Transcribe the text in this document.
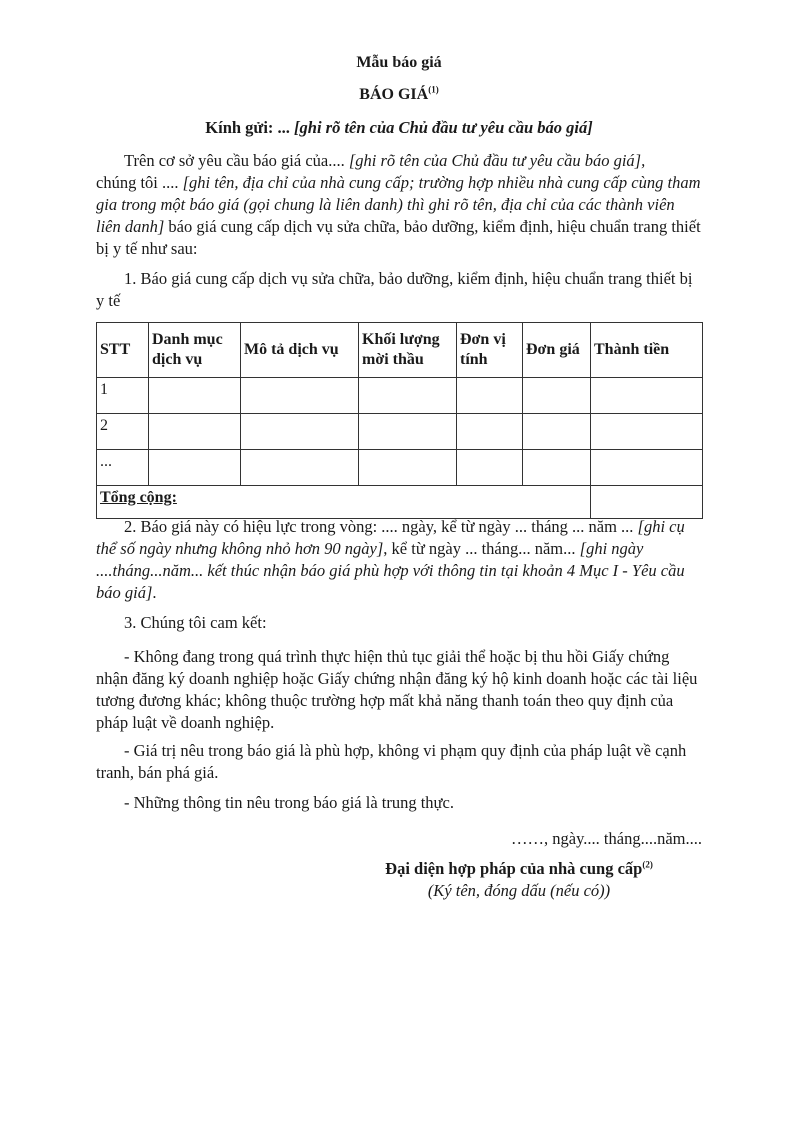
Mẫu báo giá
BÁO GIÁ$^{(1)}$
Kính gửi: ... [ghi rõ tên của Chủ đầu tư yêu cầu báo giá]
Trên cơ sở yêu cầu báo giá của.... [ghi rõ tên của Chủ đầu tư yêu cầu báo giá],
chúng tôi .... [ghi tên, địa chỉ của nhà cung cấp; trường hợp nhiều nhà cung cấp cùng tham gia trong một báo giá (gọi chung là liên danh) thì ghi rõ tên, địa chỉ của các thành viên liên danh] báo giá cung cấp dịch vụ sửa chữa, bảo dưỡng, kiểm định, hiệu chuẩn trang thiết bị y tế như sau:
1. Báo giá cung cấp dịch vụ sửa chữa, bảo dưỡng, kiểm định, hiệu chuẩn trang thiết bị y tế
STT	Danh mục dịch vụ	Mô tả dịch vụ	Khối lượng mời thầu	Đơn vị tính	Đơn giá	Thành tiền
1						
2						
...						
Tổng cộng:						
2. Báo giá này có hiệu lực trong vòng: .... ngày, kể từ ngày ... tháng ... năm ... [ghi cụ thể số ngày nhưng không nhỏ hơn 90 ngày], kể từ ngày ... tháng... năm... [ghi ngày ....tháng...năm... kết thúc nhận báo giá phù hợp với thông tin tại khoản 4 Mục I - Yêu cầu báo giá].
3. Chúng tôi cam kết:
- Không đang trong quá trình thực hiện thủ tục giải thể hoặc bị thu hồi Giấy chứng nhận đăng ký doanh nghiệp hoặc Giấy chứng nhận đăng ký hộ kinh doanh hoặc các tài liệu tương đương khác; không thuộc trường hợp mất khả năng thanh toán theo quy định của pháp luật về doanh nghiệp.
- Giá trị nêu trong báo giá là phù hợp, không vi phạm quy định của pháp luật về cạnh tranh, bán phá giá.
- Những thông tin nêu trong báo giá là trung thực.
……, ngày.... tháng....năm....
Đại diện hợp pháp của nhà cung cấp$^{(2)}$
(Ký tên, đóng dấu (nếu có))
